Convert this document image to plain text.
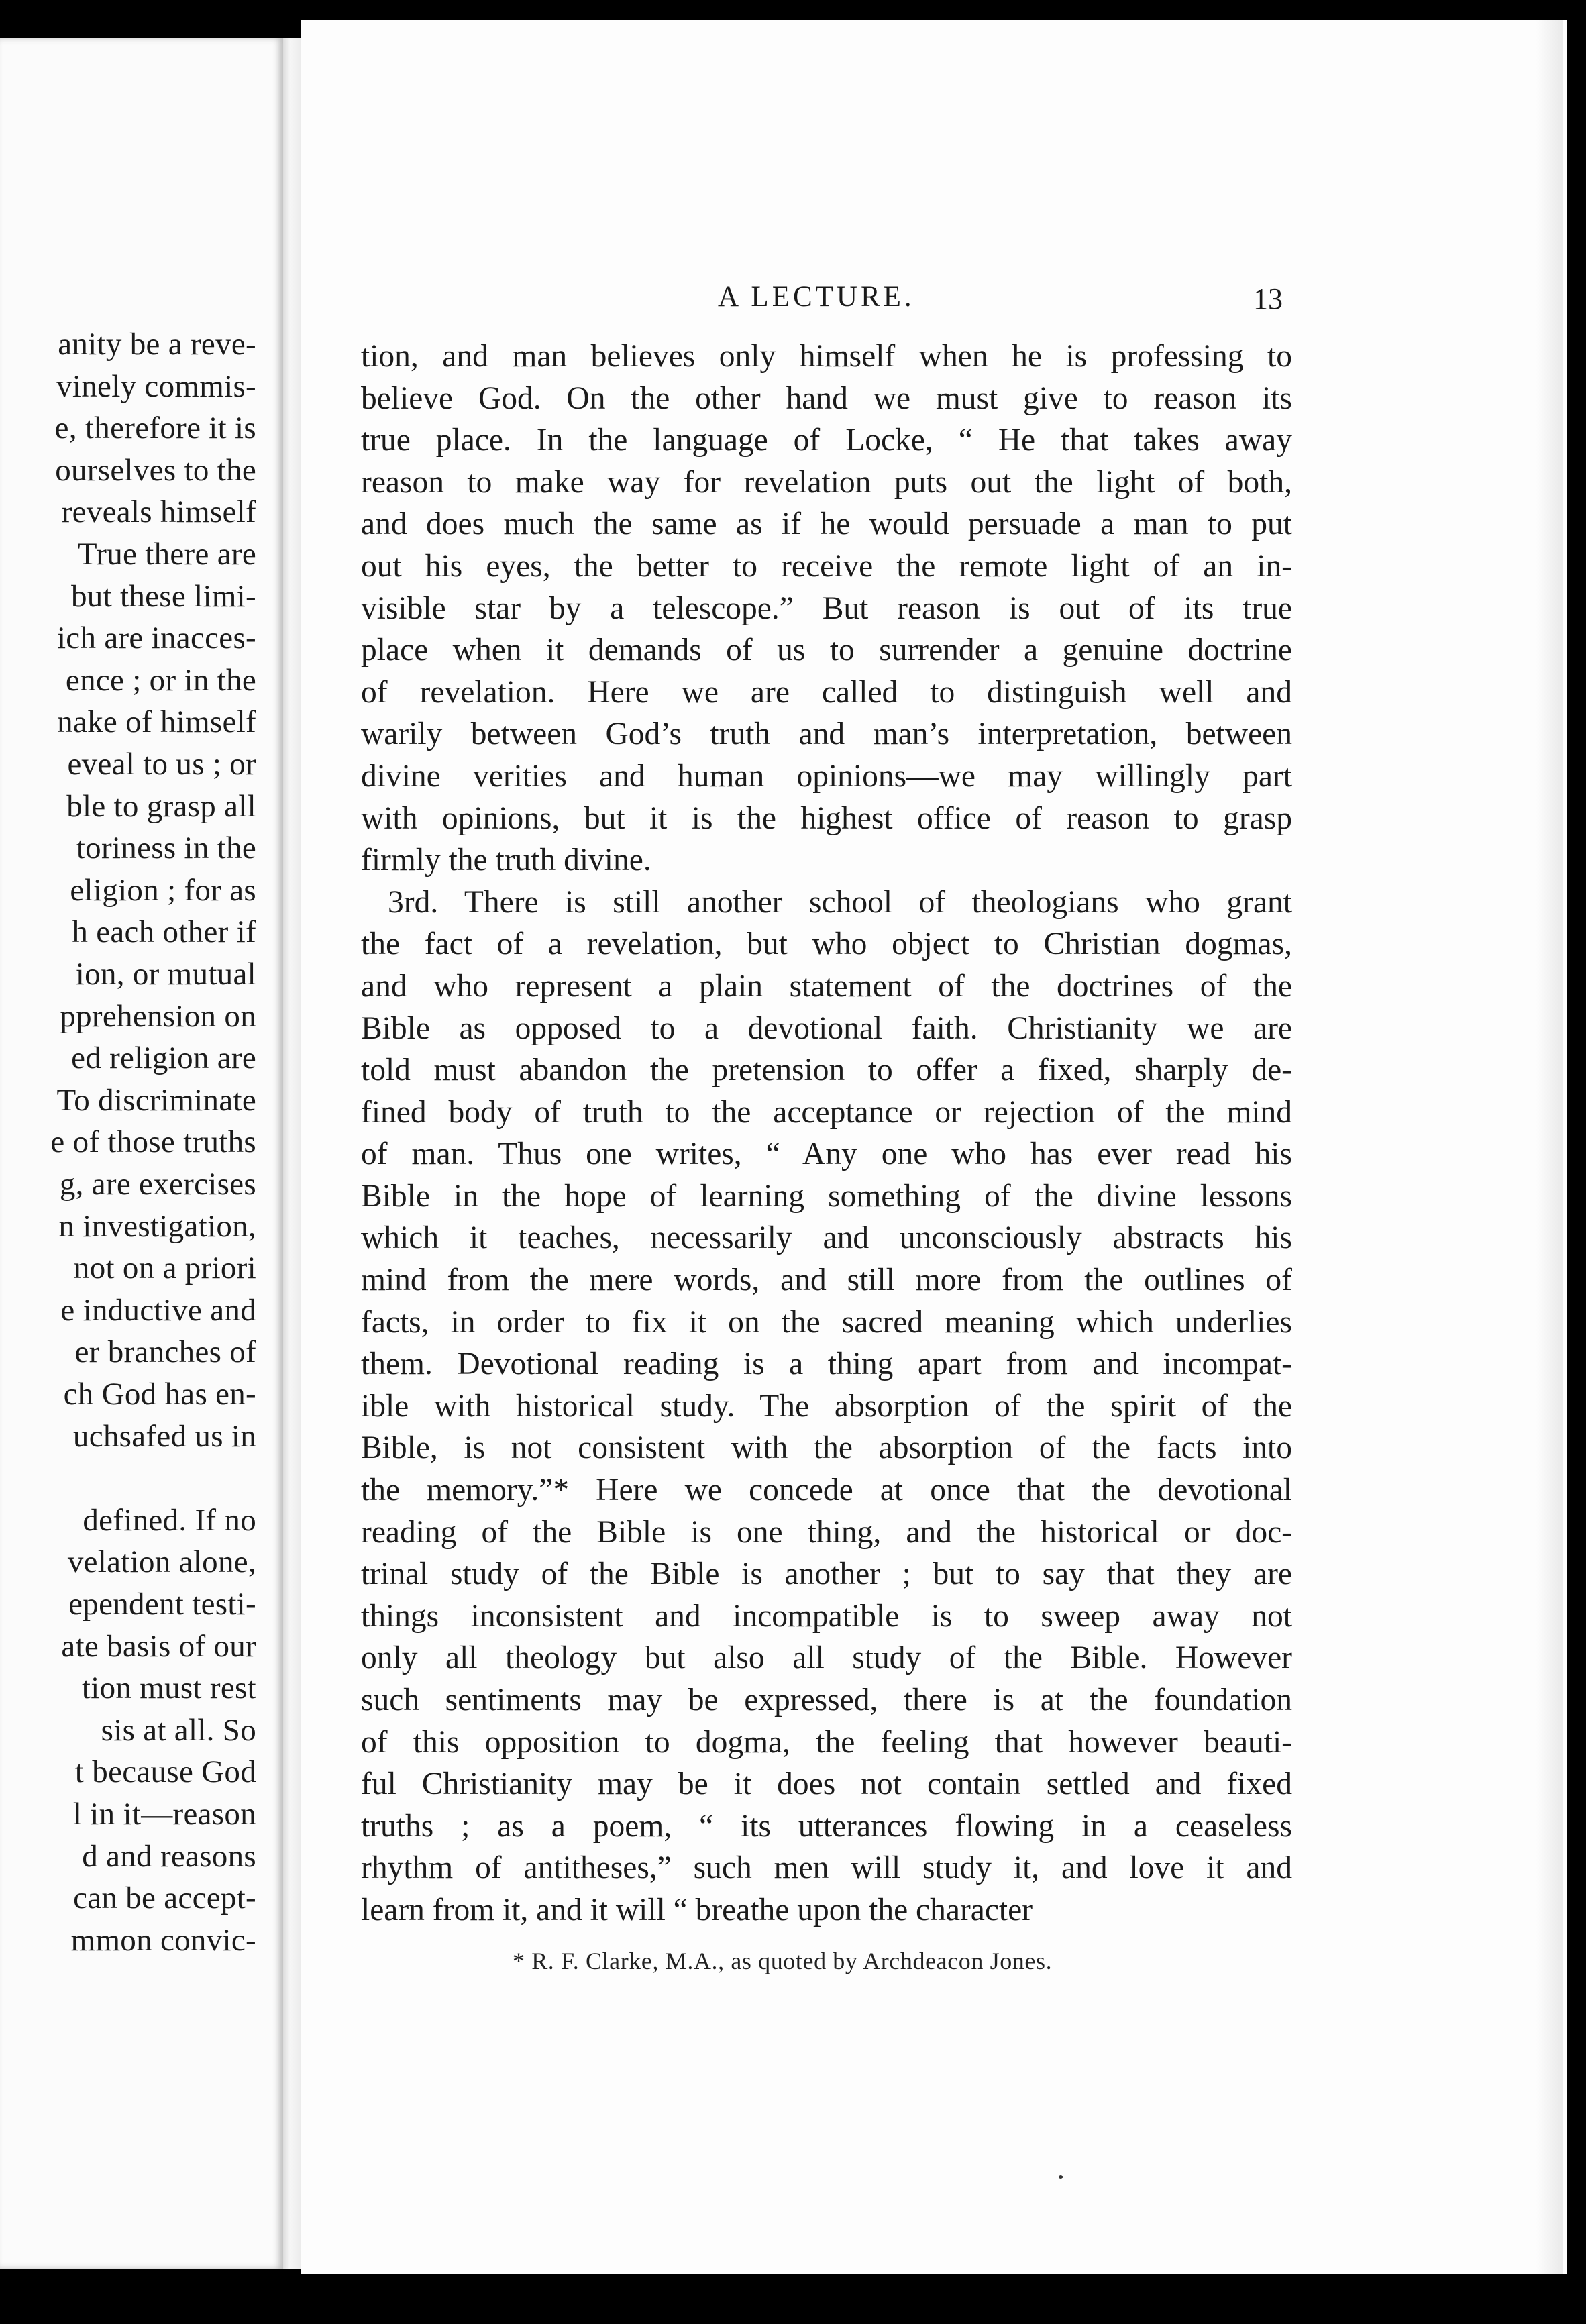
anity be a reve-
vinely commis-
e, therefore it is
ourselves to the
reveals himself
True there are
but these limi-
ich are inacces-
ence ; or in the
nake of himself
eveal to us ; or
ble to grasp all
toriness in the
eligion ; for as
h each other if
ion, or mutual
pprehension on
ed religion are
To discriminate
e of those truths
g, are exercises
n investigation,
not on a priori
e inductive and
er branches of
ch God has en-
uchsafed us in
defined. If no
velation alone,
ependent testi-
ate basis of our
tion must rest
sis at all. So
t because God
l in it—reason
d and reasons
can be accept-
mmon convic-
A LECTURE.	13
tion, and man believes only himself when he is professing to
believe God. On the other hand we must give to reason its
true place. In the language of Locke, “ He that takes away
reason to make way for revelation puts out the light of both,
and does much the same as if he would persuade a man to put
out his eyes, the better to receive the remote light of an in-
visible star by a telescope.” But reason is out of its true
place when it demands of us to surrender a genuine doctrine
of revelation. Here we are called to distinguish well and
warily between God’s truth and man’s interpretation, between
divine verities and human opinions—we may willingly part
with opinions, but it is the highest office of reason to grasp
firmly the truth divine.
3rd. There is still another school of theologians who grant
the fact of a revelation, but who object to Christian dogmas,
and who represent a plain statement of the doctrines of the
Bible as opposed to a devotional faith. Christianity we are
told must abandon the pretension to offer a fixed, sharply de-
fined body of truth to the acceptance or rejection of the mind
of man. Thus one writes, “ Any one who has ever read his
Bible in the hope of learning something of the divine lessons
which it teaches, necessarily and unconsciously abstracts his
mind from the mere words, and still more from the outlines of
facts, in order to fix it on the sacred meaning which underlies
them. Devotional reading is a thing apart from and incompat-
ible with historical study. The absorption of the spirit of the
Bible, is not consistent with the absorption of the facts into
the memory.”* Here we concede at once that the devotional
reading of the Bible is one thing, and the historical or doc-
trinal study of the Bible is another ; but to say that they are
things inconsistent and incompatible is to sweep away not
only all theology but also all study of the Bible. However
such sentiments may be expressed, there is at the foundation
of this opposition to dogma, the feeling that however beauti-
ful Christianity may be it does not contain settled and fixed
truths ; as a poem, “ its utterances flowing in a ceaseless
rhythm of antitheses,” such men will study it, and love it and
learn from it, and it will “ breathe upon the character
* R. F. Clarke, M.A., as quoted by Archdeacon Jones.
